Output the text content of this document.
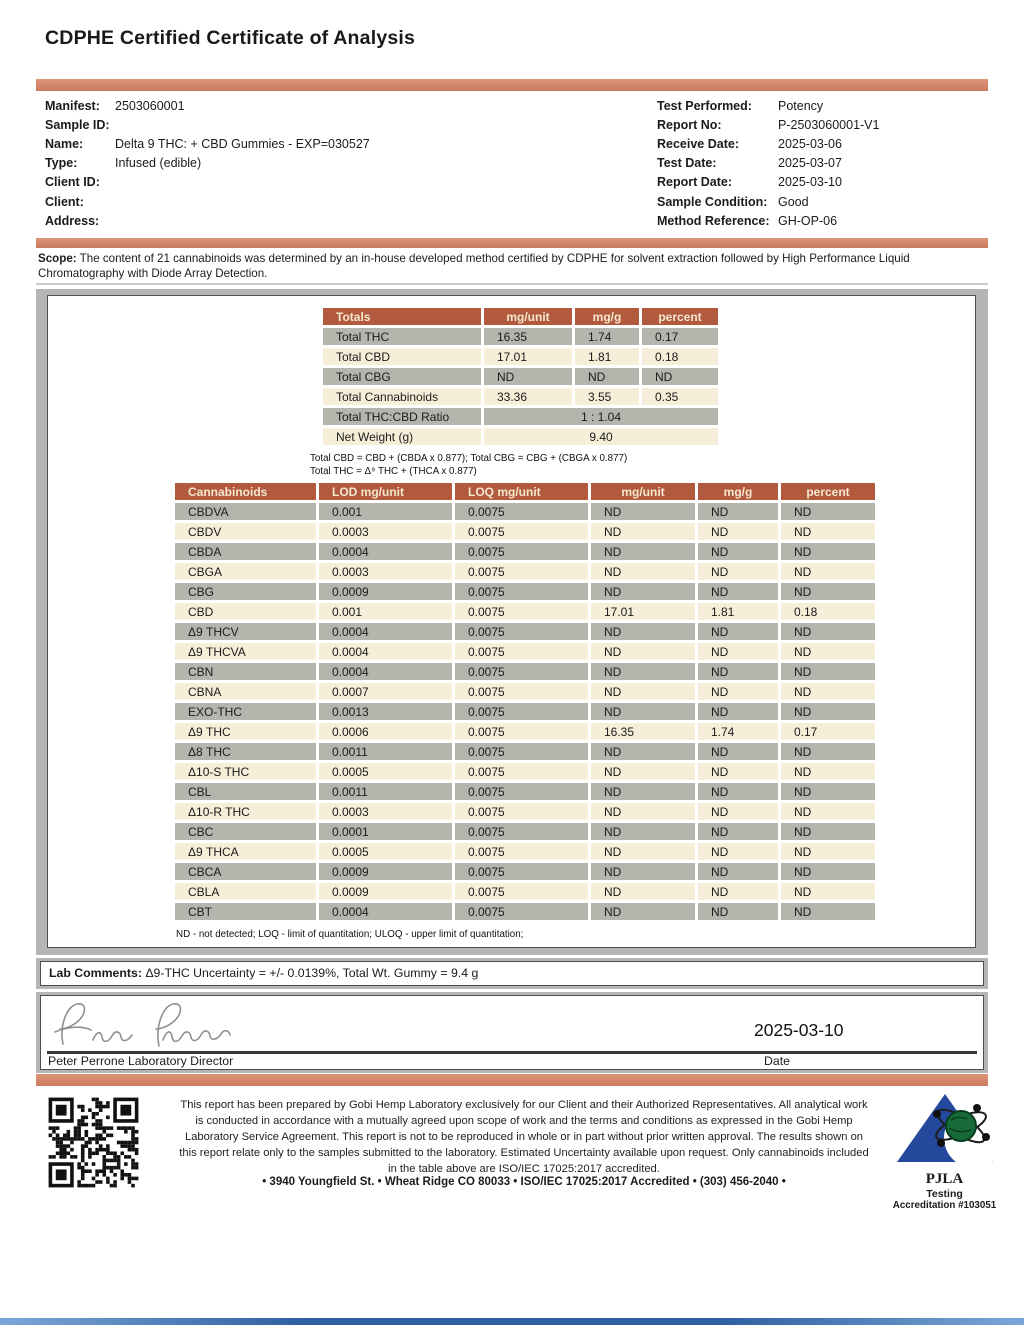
CDPHE Certified Certificate of Analysis
Manifest:	2503060001
Sample ID:
Name:	Delta 9 THC: + CBD Gummies - EXP=030527
Type:	Infused (edible)
Client ID:
Client:
Address:
Test Performed:	Potency
Report No:	P-2503060001-V1
Receive Date:	2025-03-06
Test Date:	2025-03-07
Report Date:	2025-03-10
Sample Condition: Good
Method Reference: GH-OP-06
Scope: The content of 21 cannabinoids was determined by an in-house developed method certified by CDPHE for solvent extraction followed by High Performance Liquid Chromatography with Diode Array Detection.
Totals	mg/unit	mg/g	percent
Total THC	16.35	1.74	0.17
Total CBD	17.01	1.81	0.18
Total CBG	ND	ND	ND
Total Cannabinoids	33.36	3.55	0.35
Total THC:CBD Ratio	1 : 1.04		
Net Weight (g)	9.40		
Total CBD = CBD + (CBDA x 0.877); Total CBG = CBG + (CBGA x 0.877)
Total THC = Δ⁹ THC + (THCA x 0.877)
Cannabinoids	LOD mg/unit	LOQ mg/unit	mg/unit	mg/g	percent
CBDVA	0.001	0.0075	ND	ND	ND
CBDV	0.0003	0.0075	ND	ND	ND
CBDA	0.0004	0.0075	ND	ND	ND
CBGA	0.0003	0.0075	ND	ND	ND
CBG	0.0009	0.0075	ND	ND	ND
CBD	0.001	0.0075	17.01	1.81	0.18
Δ9 THCV	0.0004	0.0075	ND	ND	ND
Δ9 THCVA	0.0004	0.0075	ND	ND	ND
CBN	0.0004	0.0075	ND	ND	ND
CBNA	0.0007	0.0075	ND	ND	ND
EXO-THC	0.0013	0.0075	ND	ND	ND
Δ9 THC	0.0006	0.0075	16.35	1.74	0.17
Δ8 THC	0.0011	0.0075	ND	ND	ND
Δ10-S THC	0.0005	0.0075	ND	ND	ND
CBL	0.0011	0.0075	ND	ND	ND
Δ10-R THC	0.0003	0.0075	ND	ND	ND
CBC	0.0001	0.0075	ND	ND	ND
Δ9 THCA	0.0005	0.0075	ND	ND	ND
CBCA	0.0009	0.0075	ND	ND	ND
CBLA	0.0009	0.0075	ND	ND	ND
CBT	0.0004	0.0075	ND	ND	ND
ND - not detected; LOQ - limit of quantitation; ULOQ - upper limit of quantitation;
Lab Comments: Δ9-THC Uncertainty = +/- 0.0139%, Total Wt. Gummy = 9.4 g
2025-03-10
Peter Perrone Laboratory Director	Date
This report has been prepared by Gobi Hemp Laboratory exclusively for our Client and their Authorized Representatives. All analytical work is conducted in accordance with a mutually agreed upon scope of work and the terms and conditions as expressed in the Gobi Hemp Laboratory Service Agreement. This report is not to be reproduced in whole or in part without prior written approval. The results shown on this report relate only to the samples submitted to the laboratory. Estimated Uncertainty available upon request. Only cannabinoids included in the table above are ISO/IEC 17025:2017 accredited.
• 3940 Youngfield St. • Wheat Ridge CO 80033 • ISO/IEC 17025:2017 Accredited • (303) 456-2040 •	PJLA
Testing
Accreditation #103051
